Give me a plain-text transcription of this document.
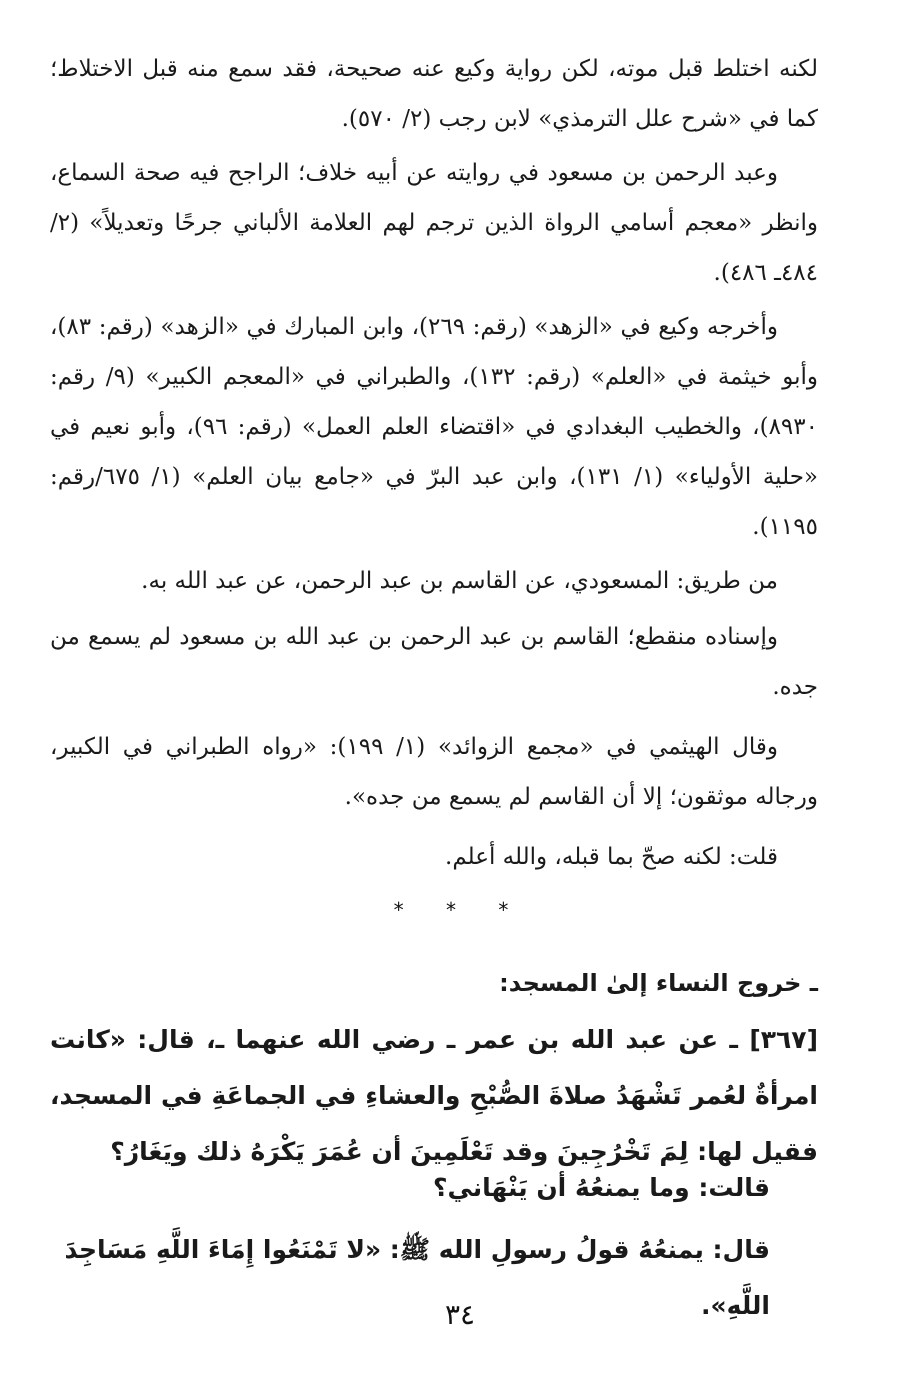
لكنه اختلط قبل موته، لكن رواية وكيع عنه صحيحة، فقد سمع منه قبل الاختلاط؛ كما في «شرح علل الترمذي» لابن رجب (٢/ ٥٧٠).

وعبد الرحمن بن مسعود في روايته عن أبيه خلاف؛ الراجح فيه صحة السماع، وانظر «معجم أسامي الرواة الذين ترجم لهم العلامة الألباني جرحًا وتعديلاً» (٢/ ٤٨٤ـ ٤٨٦).

وأخرجه وكيع في «الزهد» (رقم: ٢٦٩)، وابن المبارك في «الزهد» (رقم: ٨٣)، وأبو خيثمة في «العلم» (رقم: ١٣٢)، والطبراني في «المعجم الكبير» (٩/ رقم: ٨٩٣٠)، والخطيب البغدادي في «اقتضاء العلم العمل» (رقم: ٩٦)، وأبو نعيم في «حلية الأولياء» (١/ ١٣١)، وابن عبد البرّ في «جامع بيان العلم» (١/ ٦٧٥/رقم: ١١٩٥).

من طريق: المسعودي، عن القاسم بن عبد الرحمن، عن عبد الله به.

وإسناده منقطع؛ القاسم بن عبد الرحمن بن عبد الله بن مسعود لم يسمع من جده.

وقال الهيثمي في «مجمع الزوائد» (١/ ١٩٩): «رواه الطبراني في الكبير، ورجاله موثقون؛ إلا أن القاسم لم يسمع من جده».

قلت: لكنه صحّ بما قبله، والله أعلم.

* * *
ـ خروج النساء إلىٰ المسجد:

[٣٦٧] ـ عن عبد الله بن عمر ـ رضي الله عنهما ـ، قال: «كانت امرأةٌ لعُمر تَشْهَدُ صلاةَ الصُّبْحِ والعشاءِ في الجماعَةِ في المسجد، فقيل لها: لِمَ تَخْرُجِينَ وقد تَعْلَمِينَ أن عُمَرَ يَكْرَهُ ذلك ويَغَارُ؟

قالت: وما يمنعُهُ أن يَنْهَاني؟

قال: يمنعُهُ قولُ رسولِ الله ﷺ: «لا تَمْنَعُوا إِمَاءَ اللَّهِ مَسَاجِدَ اللَّهِ».

٣٤
